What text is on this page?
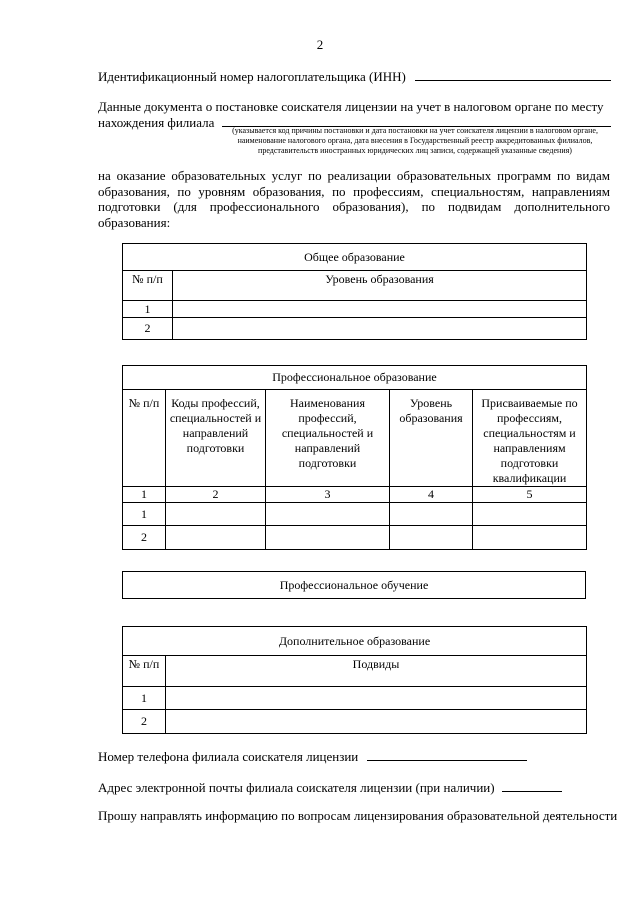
2
Идентификационный номер налогоплательщика (ИНН)
Данные документа о постановке соискателя лицензии на учет в налоговом органе по месту
нахождения филиала
(указывается код причины постановки и дата постановки на учет соискателя лицензии в налоговом органе,
наименование налогового органа, дата внесения в Государственный реестр аккредитованных филиалов,
представительств иностранных юридических лиц записи, содержащей указанные сведения)
на оказание образовательных услуг по реализации образовательных программ по видам образования, по уровням образования, по профессиям, специальностям, направлениям подготовки (для профессионального образования), по подвидам дополнительного образования:
Общее образование	
№ п/п	Уровень образования
1	
2	
Профессиональное образование				
№ п/п	Коды профессий, специальностей и направлений подготовки	Наименования профессий, специальностей и направлений подготовки	Уровень образования	Присваиваемые по профессиям, специальностям и направлениям подготовки квалификации
1	2	3	4	5
1				
2				
Профессиональное обучение
Дополнительное образование	
№ п/п	Подвиды
1	
2	
Номер телефона филиала соискателя лицензии
Адрес электронной почты филиала соискателя лицензии (при наличии)
Прошу направлять информацию по вопросам лицензирования образовательной деятельности
